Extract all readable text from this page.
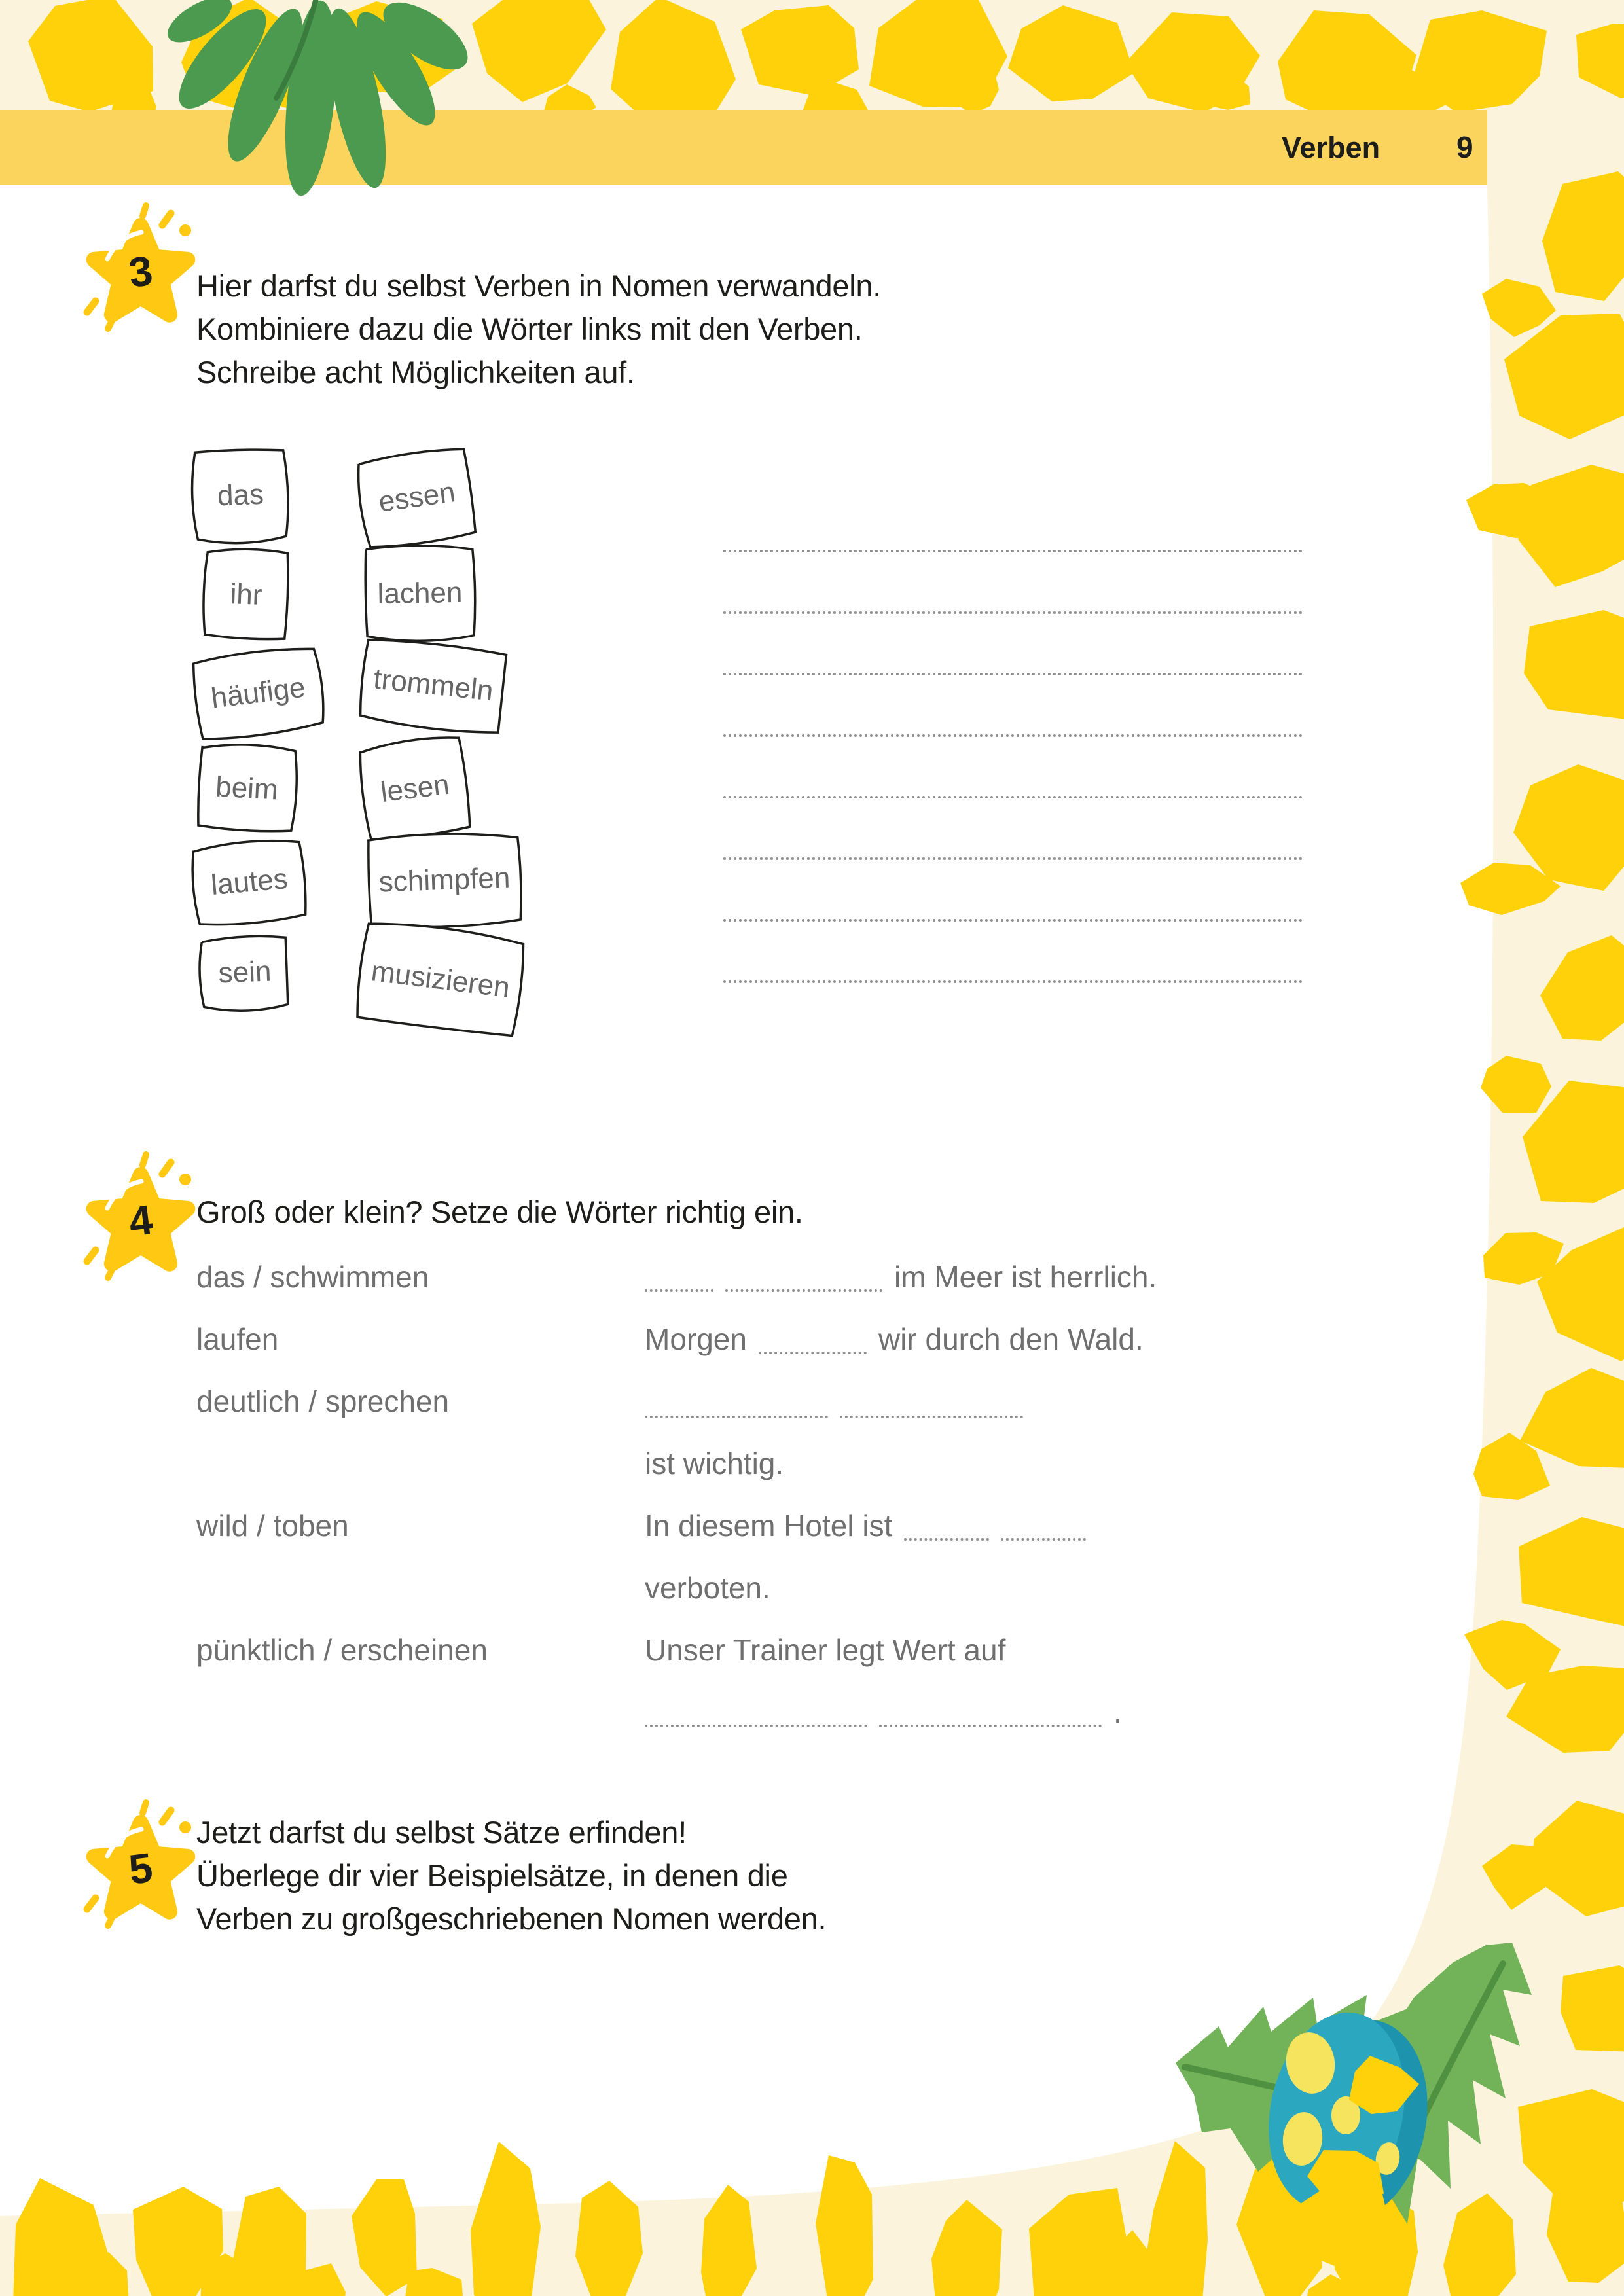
Verben	9
3	Hier darfst du selbst Verben in Nomen verwandeln.
Kombiniere dazu die Wörter links mit den Verben.
Schreibe acht Möglichkeiten auf.
das
ihr
häufige
beim
lautes
sein
essen
lachen
trommeln
lesen
schimpfen
musizieren
4	Groß oder klein? Setze die Wörter richtig ein.
das / schwimmen	im Meer ist herrlich.
laufen	Morgen	wir durch den Wald.
deutlich / sprechen
ist wichtig.
wild / toben	In diesem Hotel ist
verboten.
pünktlich / erscheinen	Unser Trainer legt Wert auf
.
5
Jetzt darfst du selbst Sätze erfinden!
Überlege dir vier Beispielsätze, in denen die
Verben zu großgeschriebenen Nomen werden.
